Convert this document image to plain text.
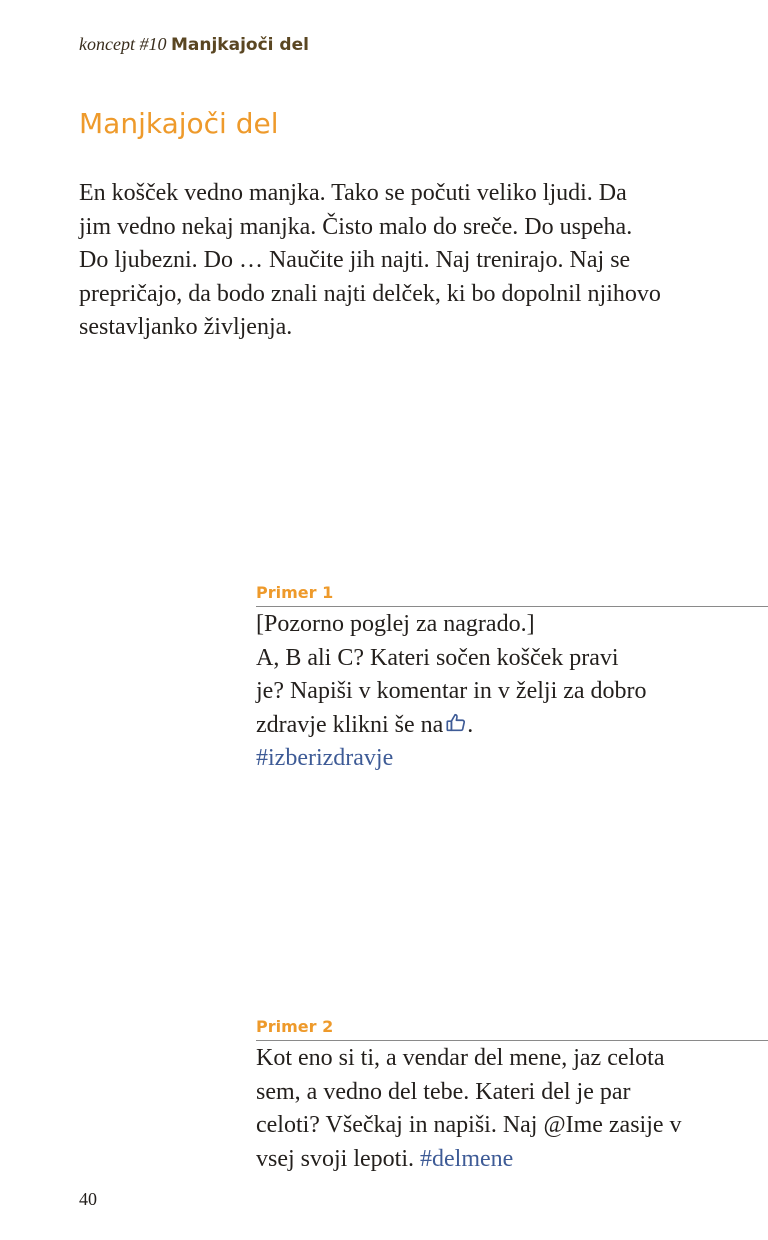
koncept #10 Manjkajoči del
Manjkajoči del

En košček vedno manjka. Tako se počuti veliko ljudi. Da
jim vedno nekaj manjka. Čisto malo do sreče. Do uspeha.
Do ljubezni. Do … Naučite jih najti. Naj trenirajo. Naj se
prepričajo, da bodo znali najti delček, ki bo dopolnil njihovo
sestavljanko življenja.

Primer 1
[Pozorno poglej za nagrado.]
A, B ali C? Kateri sočen košček pravi
je? Napiši v komentar in v želji za dobro
zdravje klikni še na .
#izberizdravje
Primer 2
Kot eno si ti, a vendar del mene, jaz celota
sem, a vedno del tebe. Kateri del je par
celoti? Všečkaj in napiši. Naj @Ime zasije v
vsej svoji lepoti. #delmene
40
